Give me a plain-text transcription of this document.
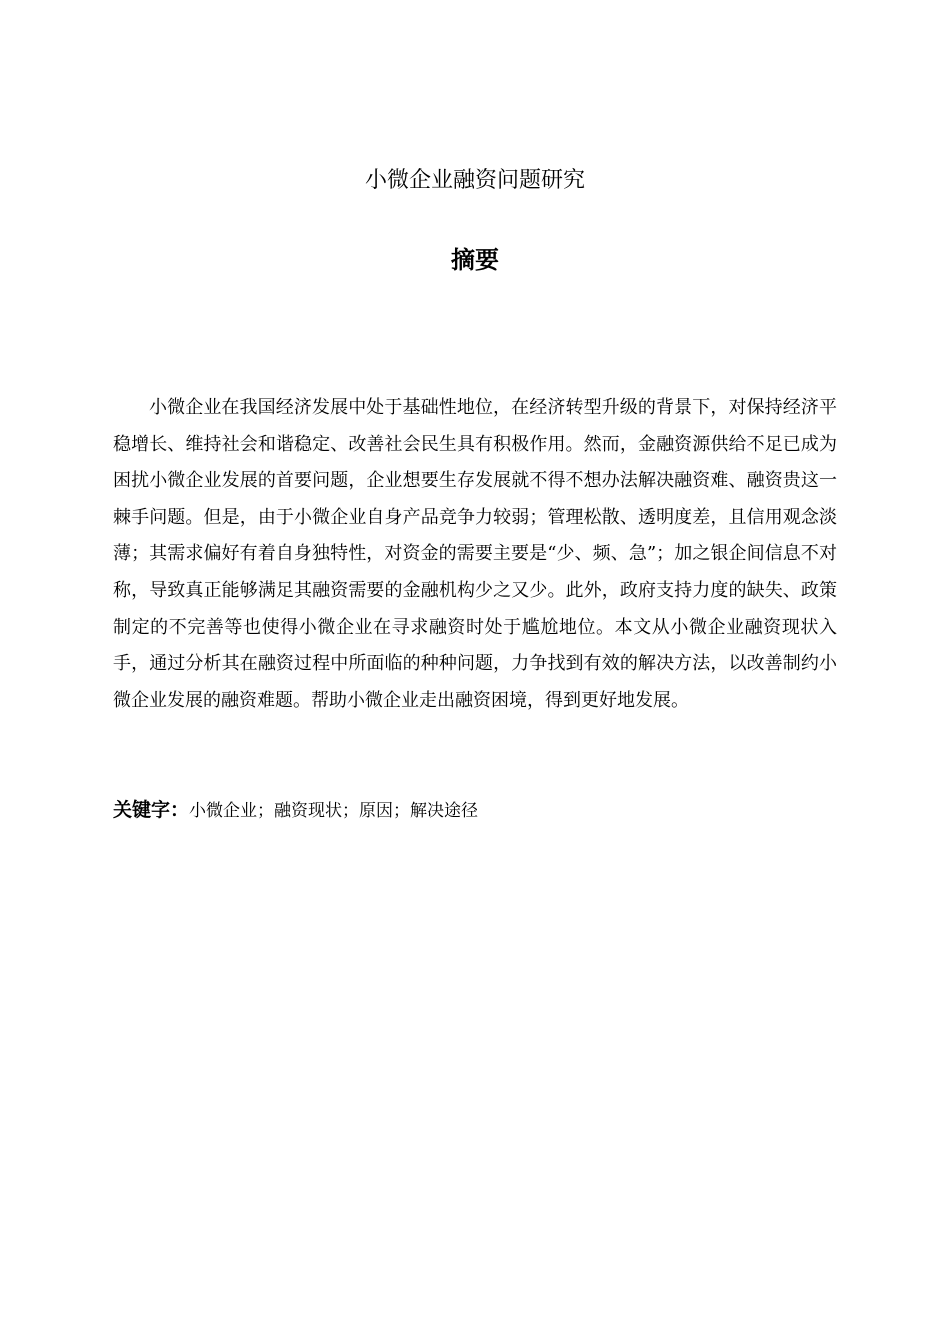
小微企业融资问题研究
摘要

小微企业在我国经济发展中处于基础性地位，在经济转型升级的背景下，对保持经济平稳增长、维持社会和谐稳定、改善社会民生具有积极作用。然而，金融资源供给不足已成为困扰小微企业发展的首要问题，企业想要生存发展就不得不想办法解决融资难、融资贵这一棘手问题。但是，由于小微企业自身产品竞争力较弱；管理松散、透明度差，且信用观念淡薄；其需求偏好有着自身独特性，对资金的需要主要是“少、频、急”；加之银企间信息不对称，导致真正能够满足其融资需要的金融机构少之又少。此外，政府支持力度的缺失、政策制定的不完善等也使得小微企业在寻求融资时处于尴尬地位。本文从小微企业融资现状入手，通过分析其在融资过程中所面临的种种问题，力争找到有效的解决方法，以改善制约小微企业发展的融资难题。帮助小微企业走出融资困境，得到更好地发展。

关键字：小微企业；融资现状；原因；解决途径
